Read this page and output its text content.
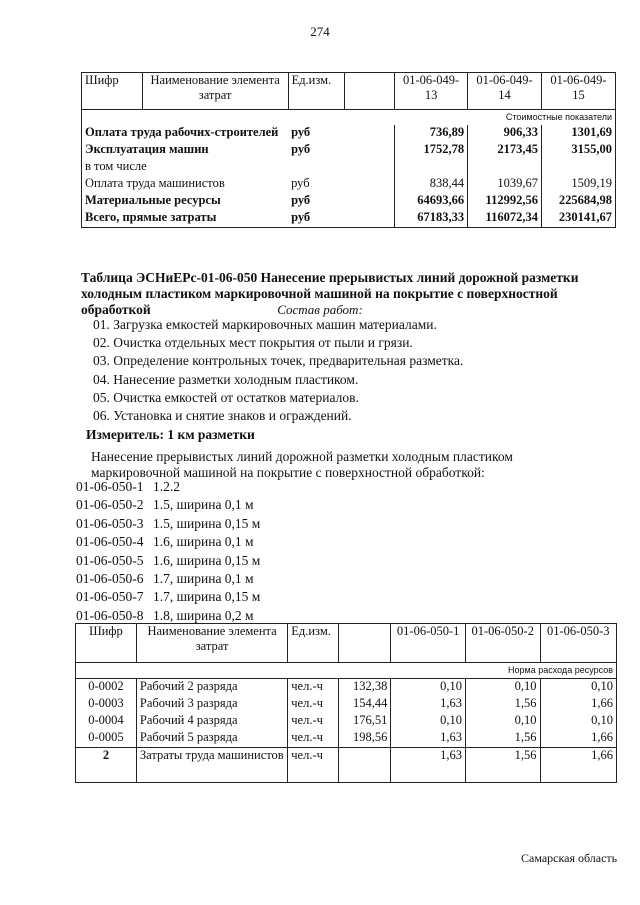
274
Шифр	Наименование элемента затрат	Ед.изм.		01-06-049-13	01-06-049-14	01-06-049-15
				Стоимостные показатели		
Оплата труда рабочих-строителей		руб		736,89	906,33	1301,69
Эксплуатация машин		руб		1752,78	2173,45	3155,00
в том числе						
Оплата труда машинистов		руб		838,44	1039,67	1509,19
Материальные ресурсы		руб		64693,66	112992,56	225684,98
Всего, прямые затраты		руб		67183,33	116072,34	230141,67
Таблица ЭСНиЕРс-01-06-050 Нанесение прерывистых линий дорожной разметки холодным пластиком маркировочной машиной на покрытие с поверхностной обработкой	Состав работ:
01. Загрузка емкостей маркировочных машин материалами.
02. Очистка отдельных мест покрытия от пыли и грязи.
03. Определение контрольных точек, предварительная разметка.
04. Нанесение разметки холодным пластиком.
05. Очистка емкостей от остатков материалов.
06. Установка и снятие знаков и ограждений.
Измеритель: 1 км разметки
Нанесение прерывистых линий дорожной разметки холодным пластиком маркировочной машиной на покрытие с поверхностной обработкой:
01-06-050-1 1.2.2
01-06-050-2 1.5, ширина 0,1 м
01-06-050-3 1.5, ширина 0,15 м
01-06-050-4 1.6, ширина 0,1 м
01-06-050-5 1.6, ширина 0,15 м
01-06-050-6 1.7, ширина 0,1 м
01-06-050-7 1.7, ширина 0,15 м
01-06-050-8 1.8, ширина 0,2 м
Шифр	Наименование элемента затрат	Ед.изм.		01-06-050-1	01-06-050-2	01-06-050-3
				Норма расхода ресурсов		
0-0002	Рабочий 2 разряда	чел.-ч	132,38	0,10	0,10	0,10
0-0003	Рабочий 3 разряда	чел.-ч	154,44	1,63	1,56	1,66
0-0004	Рабочий 4 разряда	чел.-ч	176,51	0,10	0,10	0,10
0-0005	Рабочий 5 разряда	чел.-ч	198,56	1,63	1,56	1,66
2	Затраты труда машинистов	чел.-ч		1,63	1,56	1,66
Самарская область
